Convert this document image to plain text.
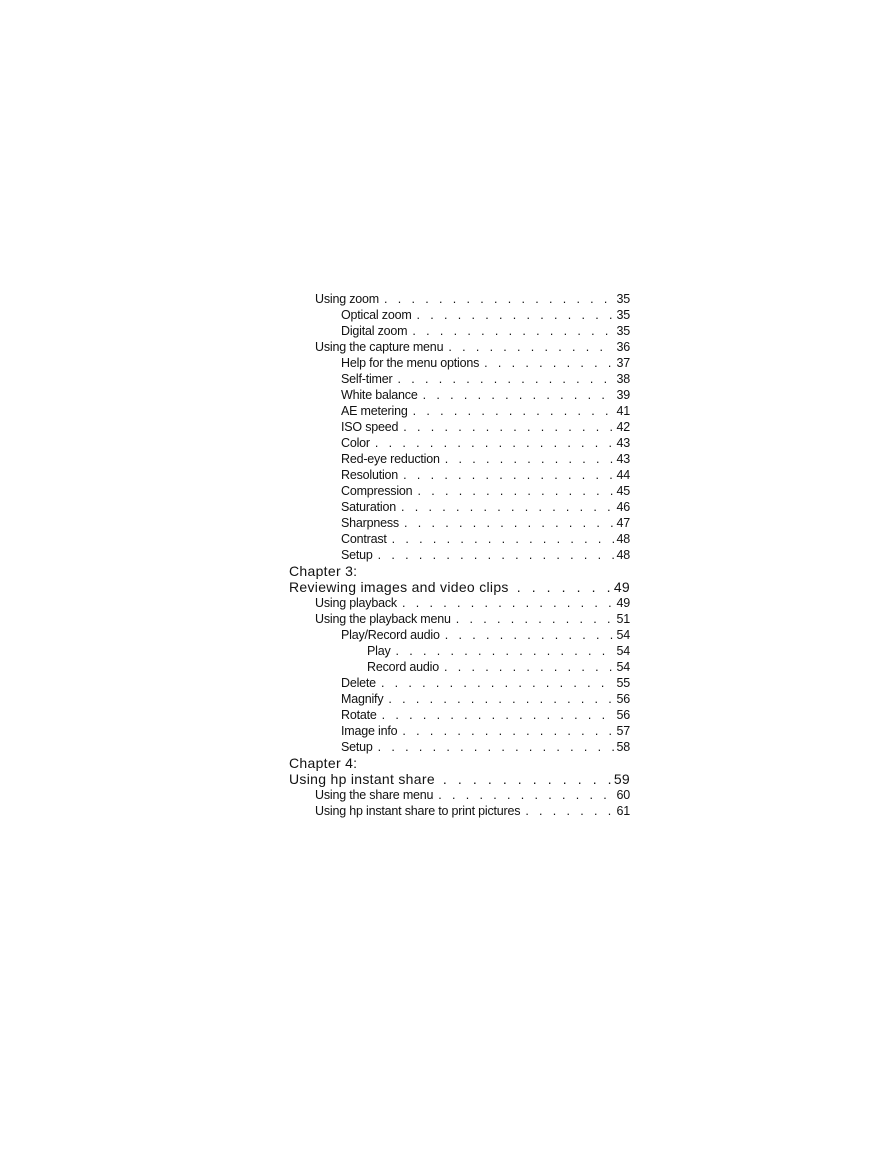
Using zoom . . .	35
Optical zoom . . .	35
Digital zoom . . .	35
Using the capture menu . . .	36
Help for the menu options . . .	37
Self-timer . . .	38
White balance . . .	39
AE metering . . .	41
ISO speed . . .	42
Color . . .	43
Red-eye reduction . . .	43
Resolution . . .	44
Compression . . .	45
Saturation . . .	46
Sharpness . . .	47
Contrast . . .	48
Setup . . .	48
Chapter 3:
Reviewing images and video clips . . .	49
Using playback . . .	49
Using the playback menu . . .	51
Play/Record audio . . .	54
Play . . .	54
Record audio . . .	54
Delete . . .	55
Magnify . . .	56
Rotate . . .	56
Image info . . .	57
Setup . . .	58
Chapter 4:
Using hp instant share . . .	59
Using the share menu . . .	60
Using hp instant share to print pictures . . .	61
